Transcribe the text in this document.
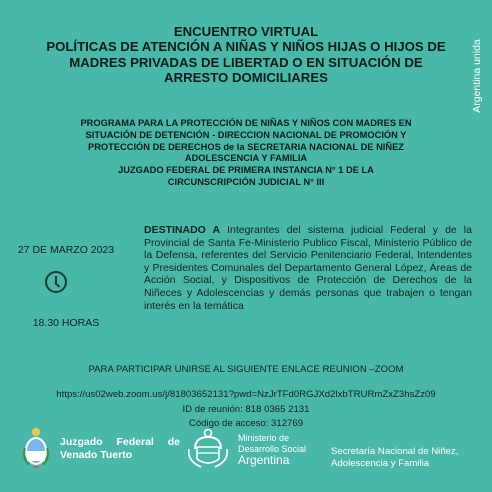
ENCUENTRO VIRTUAL
POLÍTICAS DE ATENCIÓN A NIÑAS Y NIÑOS HIJAS O HIJOS DE
MADRES PRIVADAS DE LIBERTAD O EN SITUACIÓN DE
ARRESTO DOMICILIARES	Argentina unida
PROGRAMA PARA LA PROTECCIÓN DE NIÑAS Y NIÑOS CON MADRES EN
SITUACIÓN DE DETENCIÓN - DIRECCION NACIONAL DE PROMOCIÓN Y
PROTECCIÓN DE DERECHOS de la SECRETARIA NACIONAL DE NIÑEZ
ADOLESCENCIA Y FAMILIA
JUZGADO FEDERAL DE PRIMERA INSTANCIA N° 1 DE LA
CIRCUNSCRIPCIÓN JUDICIAL N° III
27 DE MARZO 2023
18.30 HORAS
DESTINADO A Integrantes del sistema judicial Federal y de la Provincial de Santa Fe-Ministerio Publico Fiscal, Ministerio Público de la Defensa, referentes del Servicio Penitenciario Federal, Intendentes y Presidentes Comunales del Departamento General López, Áreas de Acción Social, y Dispositivos de Protección de Derechos de la Niñeces y Adolescencias y demás personas que trabajen o tengan interés en la temática
PARA PARTICIPAR UNIRSE AL SIGUIENTE ENLACE REUNION –ZOOM
https://us02web.zoom.us/j/81803652131?pwd=NzJrTFd0RGJXd2lxbTRURmZxZ3hsZz09
ID de reunión: 818 0365 2131
Código de acceso: 312769
Juzgado Federal de
Venado Tuerto
Ministerio de
Desarrollo Social
Argentina
Secretaría Nacional de Niñez,
Adolescencia y Familia
